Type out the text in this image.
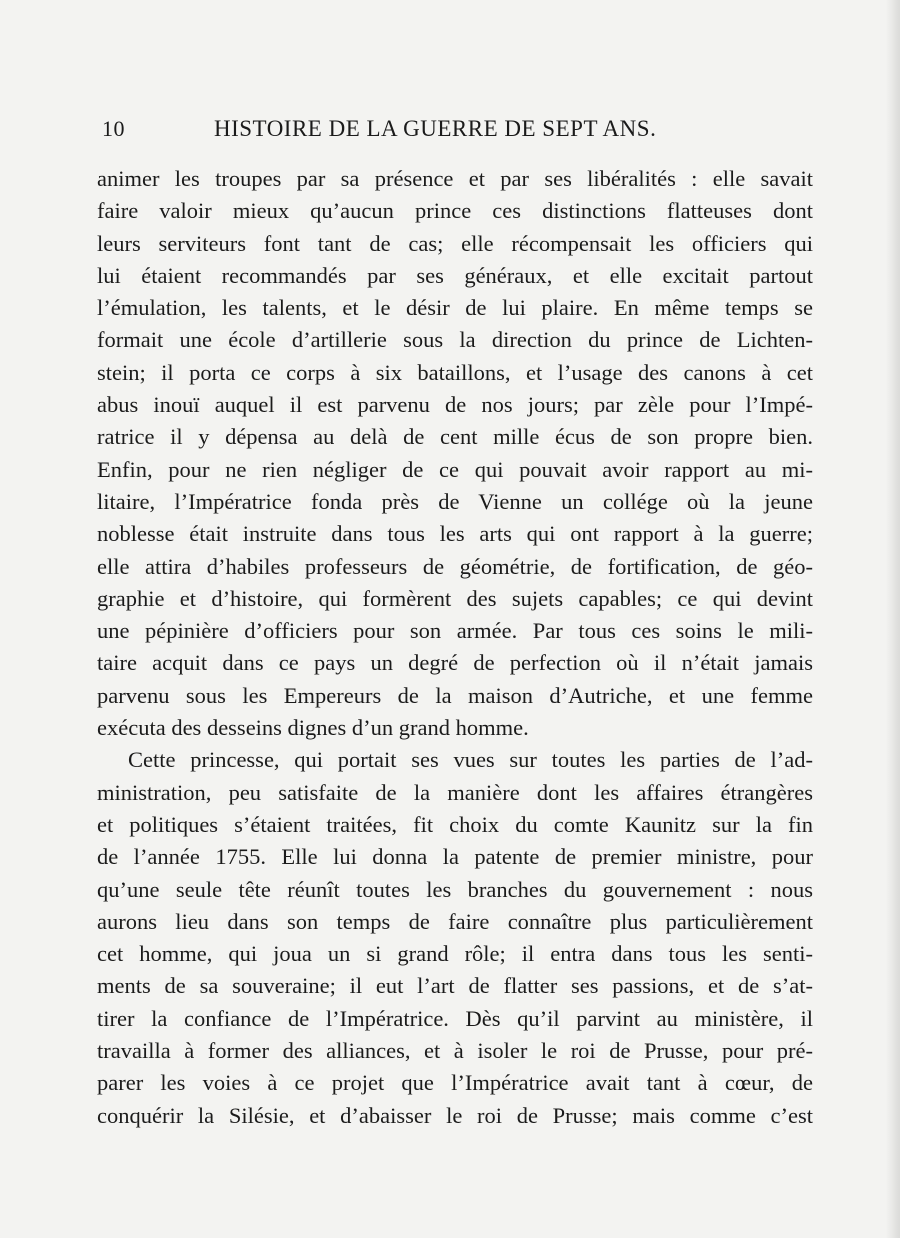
10	HISTOIRE DE LA GUERRE DE SEPT ANS.
animer les troupes par sa présence et par ses libéralités : elle savait
faire valoir mieux qu’aucun prince ces distinctions flatteuses dont
leurs serviteurs font tant de cas; elle récompensait les officiers qui
lui étaient recommandés par ses généraux, et elle excitait partout
l’émulation, les talents, et le désir de lui plaire. En même temps se
formait une école d’artillerie sous la direction du prince de Lichten-
stein; il porta ce corps à six bataillons, et l’usage des canons à cet
abus inouï auquel il est parvenu de nos jours; par zèle pour l’Impé-
ratrice il y dépensa au delà de cent mille écus de son propre bien.
Enfin, pour ne rien négliger de ce qui pouvait avoir rapport au mi-
litaire, l’Impératrice fonda près de Vienne un collége où la jeune
noblesse était instruite dans tous les arts qui ont rapport à la guerre;
elle attira d’habiles professeurs de géométrie, de fortification, de géo-
graphie et d’histoire, qui formèrent des sujets capables; ce qui devint
une pépinière d’officiers pour son armée. Par tous ces soins le mili-
taire acquit dans ce pays un degré de perfection où il n’était jamais
parvenu sous les Empereurs de la maison d’Autriche, et une femme
exécuta des desseins dignes d’un grand homme.
Cette princesse, qui portait ses vues sur toutes les parties de l’ad-
ministration, peu satisfaite de la manière dont les affaires étrangères
et politiques s’étaient traitées, fit choix du comte Kaunitz sur la fin
de l’année 1755. Elle lui donna la patente de premier ministre, pour
qu’une seule tête réunît toutes les branches du gouvernement : nous
aurons lieu dans son temps de faire connaître plus particulièrement
cet homme, qui joua un si grand rôle; il entra dans tous les senti-
ments de sa souveraine; il eut l’art de flatter ses passions, et de s’at-
tirer la confiance de l’Impératrice. Dès qu’il parvint au ministère, il
travailla à former des alliances, et à isoler le roi de Prusse, pour pré-
parer les voies à ce projet que l’Impératrice avait tant à cœur, de
conquérir la Silésie, et d’abaisser le roi de Prusse; mais comme c’est
